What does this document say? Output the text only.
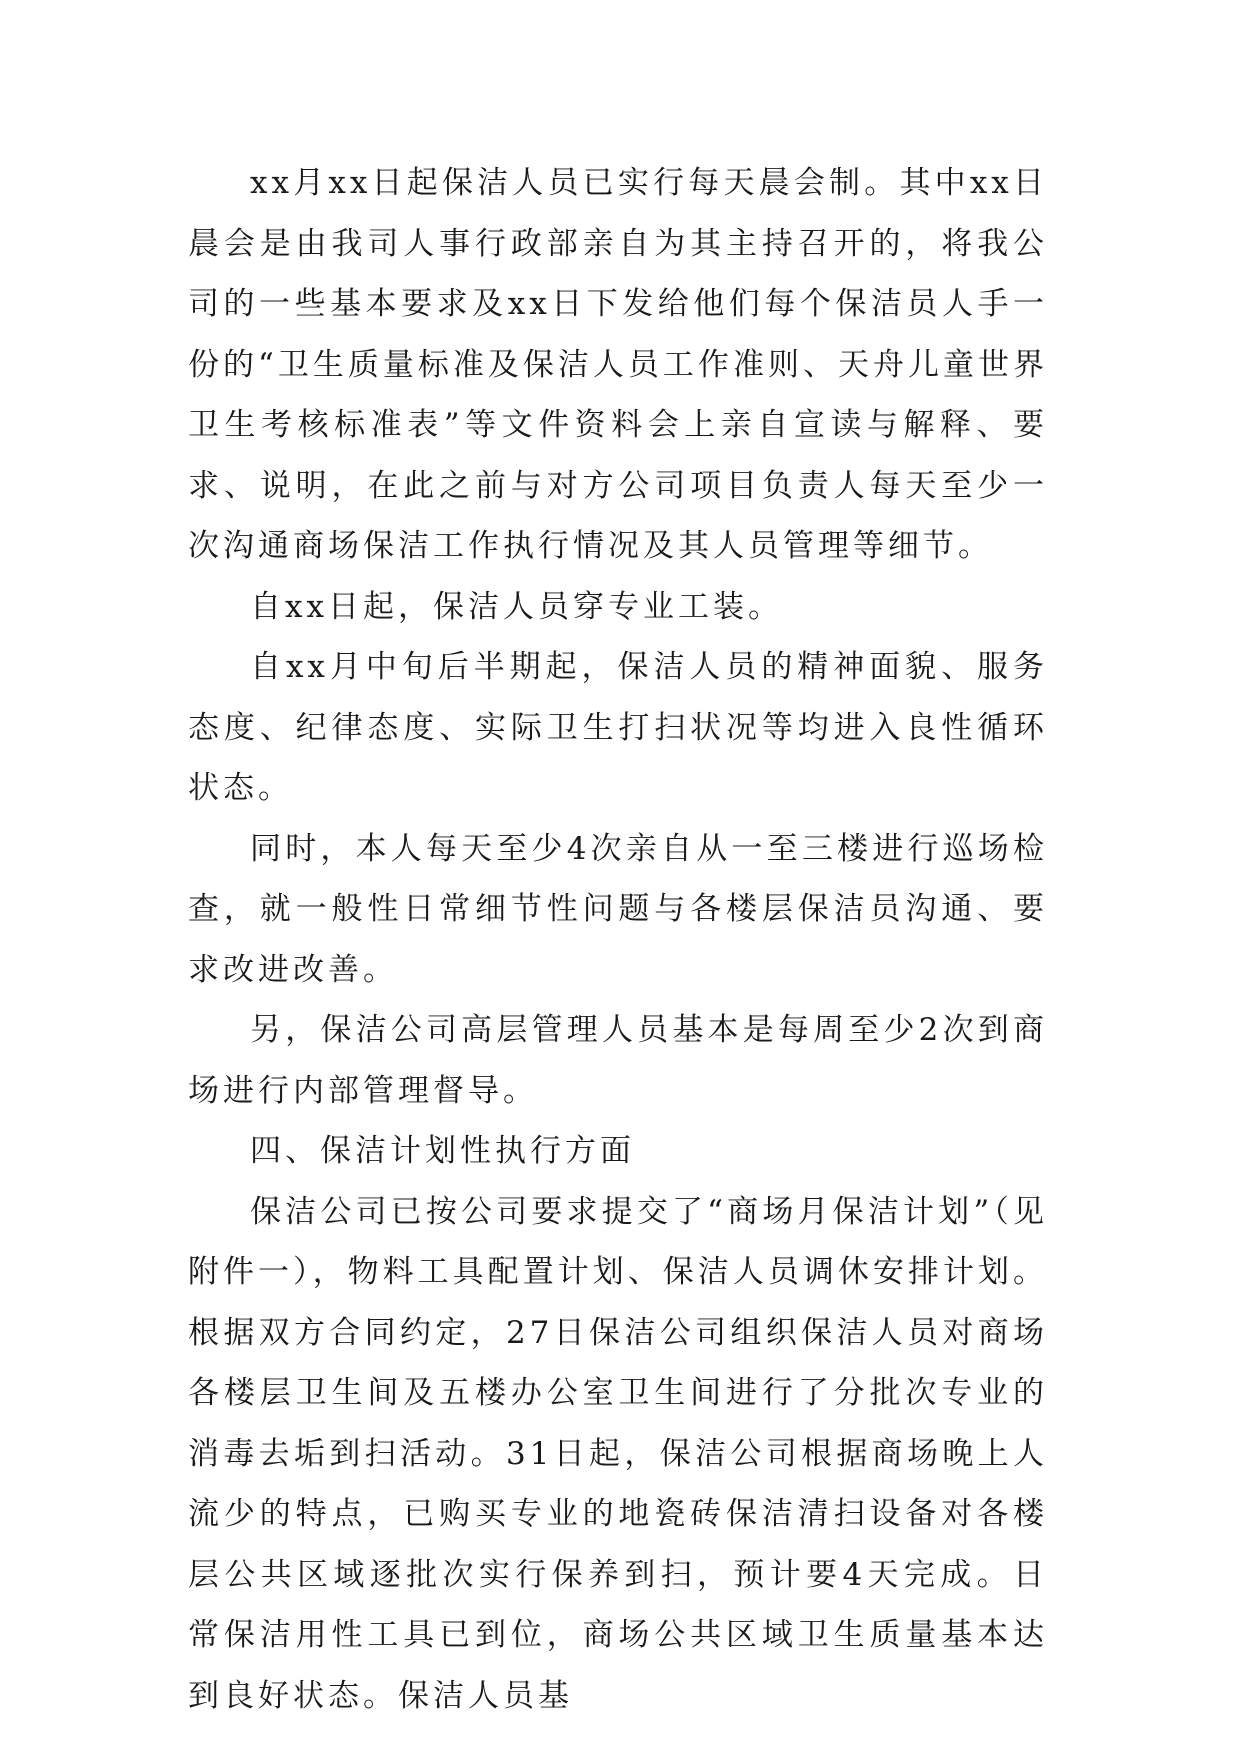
xx月xx日起保洁人员已实行每天晨会制。其中xx日晨会是由我司人事行政部亲自为其主持召开的，将我公司的一些基本要求及xx日下发给他们每个保洁员人手一份的“卫生质量标准及保洁人员工作准则、天舟儿童世界卫生考核标准表”等文件资料会上亲自宣读与解释、要求、说明，在此之前与对方公司项目负责人每天至少一次沟通商场保洁工作执行情况及其人员管理等细节。

自xx日起，保洁人员穿专业工装。

自xx月中旬后半期起，保洁人员的精神面貌、服务态度、纪律态度、实际卫生打扫状况等均进入良性循环状态。

同时，本人每天至少4次亲自从一至三楼进行巡场检查，就一般性日常细节性问题与各楼层保洁员沟通、要求改进改善。

另，保洁公司高层管理人员基本是每周至少2次到商场进行内部管理督导。

四、保洁计划性执行方面

保洁公司已按公司要求提交了“商场月保洁计划”（见附件一），物料工具配置计划、保洁人员调休安排计划。根据双方合同约定，27日保洁公司组织保洁人员对商场各楼层卫生间及五楼办公室卫生间进行了分批次专业的消毒去垢到扫活动。31日起，保洁公司根据商场晚上人流少的特点，已购买专业的地瓷砖保洁清扫设备对各楼层公共区域逐批次实行保养到扫，预计要4天完成。日常保洁用性工具已到位，商场公共区域卫生质量基本达到良好状态。保洁人员基
